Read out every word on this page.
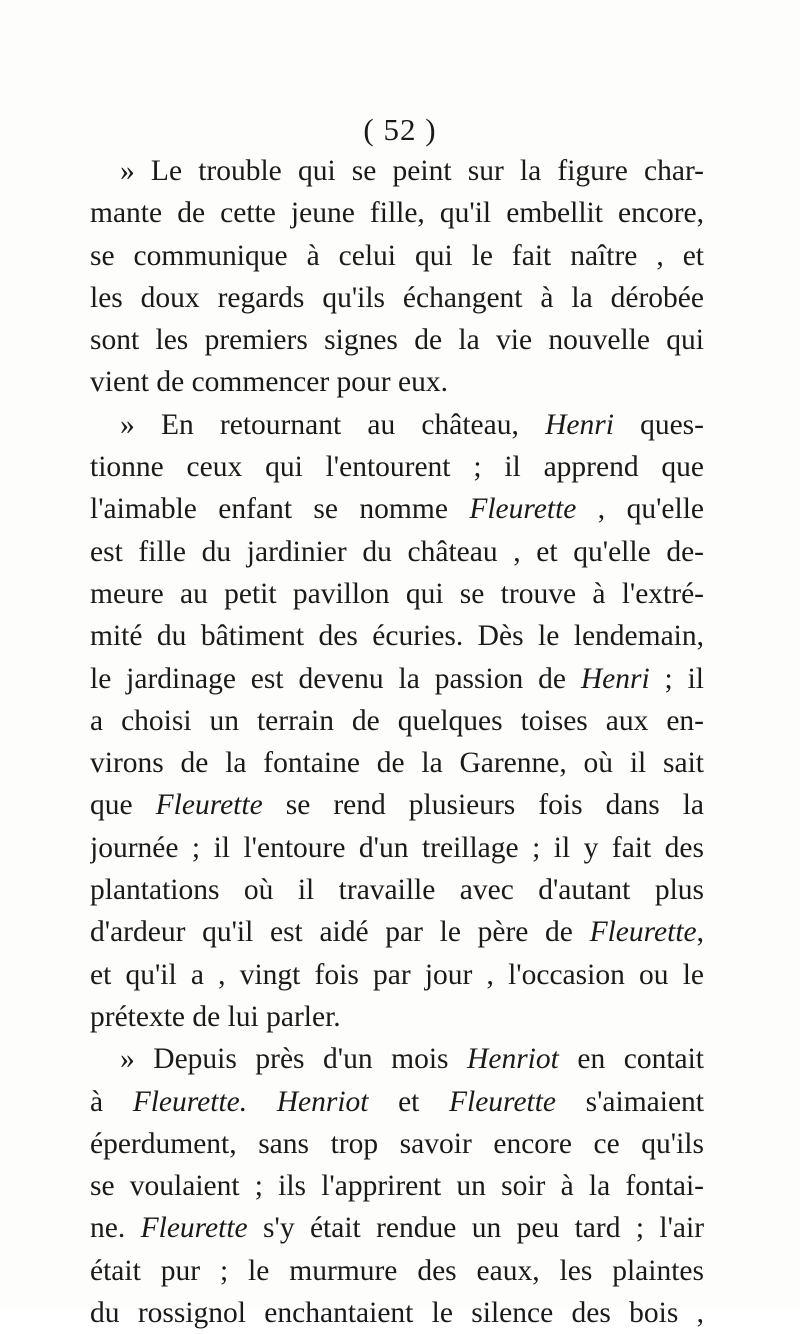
( 52 )
» Le trouble qui se peint sur la figure char-
mante de cette jeune fille, qu'il embellit encore,
se communique à celui qui le fait naître , et
les doux regards qu'ils échangent à la dérobée
sont les premiers signes de la vie nouvelle qui
vient de commencer pour eux.
» En retournant au château, Henri ques-
tionne ceux qui l'entourent ; il apprend que
l'aimable enfant se nomme Fleurette , qu'elle
est fille du jardinier du château , et qu'elle de-
meure au petit pavillon qui se trouve à l'extré-
mité du bâtiment des écuries. Dès le lendemain,
le jardinage est devenu la passion de Henri ; il
a choisi un terrain de quelques toises aux en-
virons de la fontaine de la Garenne, où il sait
que Fleurette se rend plusieurs fois dans la
journée ; il l'entoure d'un treillage ; il y fait des
plantations où il travaille avec d'autant plus
d'ardeur qu'il est aidé par le père de Fleurette,
et qu'il a , vingt fois par jour , l'occasion ou le
prétexte de lui parler.
» Depuis près d'un mois Henriot en contait
à Fleurette. Henriot et Fleurette s'aimaient
éperdument, sans trop savoir encore ce qu'ils
se voulaient ; ils l'apprirent un soir à la fontai-
ne. Fleurette s'y était rendue un peu tard ; l'air
était pur ; le murmure des eaux, les plaintes
du rossignol enchantaient le silence des bois ,
